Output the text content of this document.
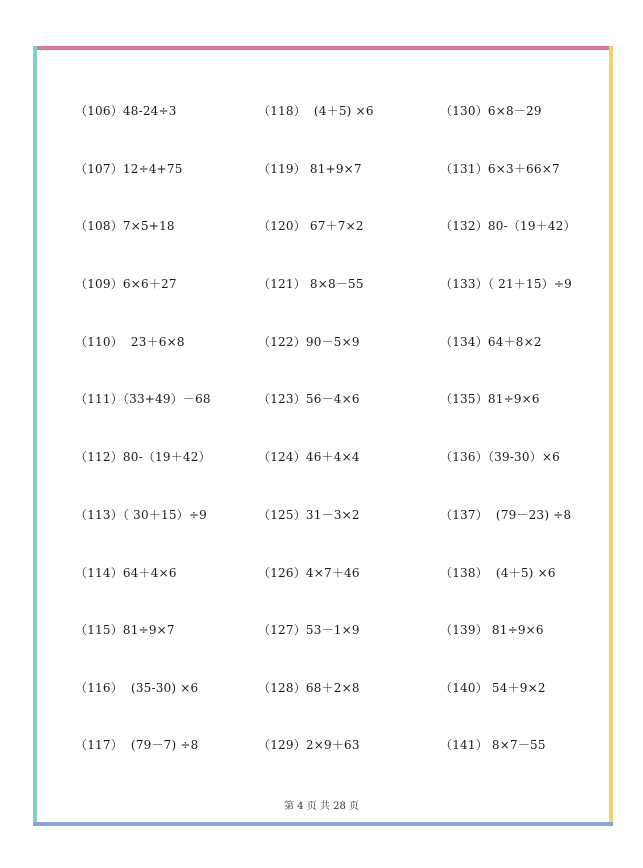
（106）48-24÷3
（107）12÷4+75
（108）7×5+18
（109）6×6＋27
（110）  23＋6×8
（111）（33+49）－68
（112）80-（19＋42）
（113）（ 30＋15）÷9
（114）64＋4×6
（115）81÷9×7
（116）  (35-30) ×6
（117）  (79－7) ÷8
（118）  (4＋5) ×6
（119） 81+9×7
（120） 67＋7×2
（121） 8×8－55
（122）90－5×9
（123）56－4×6
（124）46＋4×4
（125）31－3×2
（126）4×7＋46
（127）53－1×9
（128）68＋2×8
（129）2×9＋63
（130）6×8－29
（131）6×3＋66×7
（132）80-（19＋42）
（133）（ 21＋15）÷9
（134）64＋8×2
（135）81÷9×6
（136）（39-30）×6
（137）  (79－23) ÷8
（138）  (4＋5) ×6
（139） 81÷9×6
（140） 54＋9×2
（141） 8×7－55
第 4 页 共 28 页
